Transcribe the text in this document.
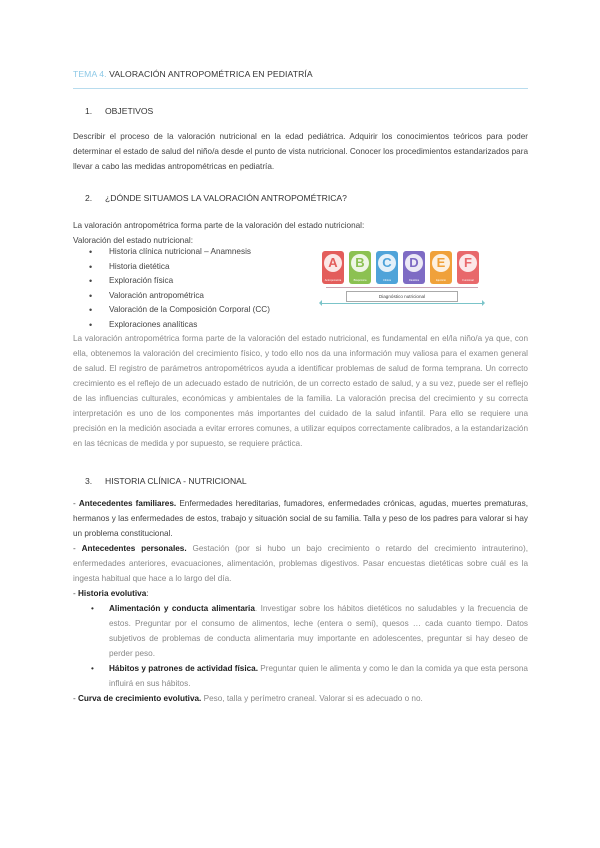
TEMA 4. VALORACIÓN ANTROPOMÉTRICA EN PEDIATRÍA
1. OBJETIVOS

Describir el proceso de la valoración nutricional en la edad pediátrica. Adquirir los conocimientos teóricos para poder determinar el estado de salud del niño/a desde el punto de vista nutricional. Conocer los procedimientos estandarizados para llevar a cabo las medidas antropométricas en pediatría.

2. ¿DÓNDE SITUAMOS LA VALORACIÓN ANTROPOMÉTRICA?

La valoración antropométrica forma parte de la valoración del estado nutricional:
Valoración del estado nutricional:

• Historia clínica nutricional – Anamnesis
• Historia dietética
• Exploración física
• Valoración antropométrica
• Valoración de la Composición Corporal (CC)
• Exploraciones analíticas
A
Antropometría
B
Bioquímica
C
Clínica
D
Dietética
E
Ejercicio
F
Funcional
Diagnóstico nutricional

La valoración antropométrica forma parte de la valoración del estado nutricional, es fundamental en el/la niño/a ya que, con ella, obtenemos la valoración del crecimiento físico, y todo ello nos da una información muy valiosa para el examen general de salud. El registro de parámetros antropométricos ayuda a identificar problemas de salud de forma temprana. Un correcto crecimiento es el reflejo de un adecuado estado de nutrición, de un correcto estado de salud, y a su vez, puede ser el reflejo de las influencias culturales, económicas y ambientales de la familia. La valoración precisa del crecimiento y su correcta interpretación es uno de los componentes más importantes del cuidado de la salud infantil. Para ello se requiere una precisión en la medición asociada a evitar errores comunes, a utilizar equipos correctamente calibrados, a la estandarización en las técnicas de medida y por supuesto, se requiere práctica.

3. HISTORIA CLÍNICA - NUTRICIONAL

- Antecedentes familiares. Enfermedades hereditarias, fumadores, enfermedades crónicas, agudas, muertes prematuras, hermanos y las enfermedades de estos, trabajo y situación social de su familia. Talla y peso de los padres para valorar si hay un problema constitucional.
- Antecedentes personales. Gestación (por si hubo un bajo crecimiento o retardo del crecimiento intrauterino), enfermedades anteriores, evacuaciones, alimentación, problemas digestivos. Pasar encuestas dietéticas sobre cuál es la ingesta habitual que hace a lo largo del día.
- Historia evolutiva:
• Alimentación y conducta alimentaria. Investigar sobre los hábitos dietéticos no saludables y la frecuencia de estos. Preguntar por el consumo de alimentos, leche (entera o semi), quesos … cada cuanto tiempo. Datos subjetivos de problemas de conducta alimentaria muy importante en adolescentes, preguntar si hay deseo de perder peso.
• Hábitos y patrones de actividad física. Preguntar quien le alimenta y como le dan la comida ya que esta persona influirá en sus hábitos.
- Curva de crecimiento evolutiva. Peso, talla y perímetro craneal. Valorar si es adecuado o no.
